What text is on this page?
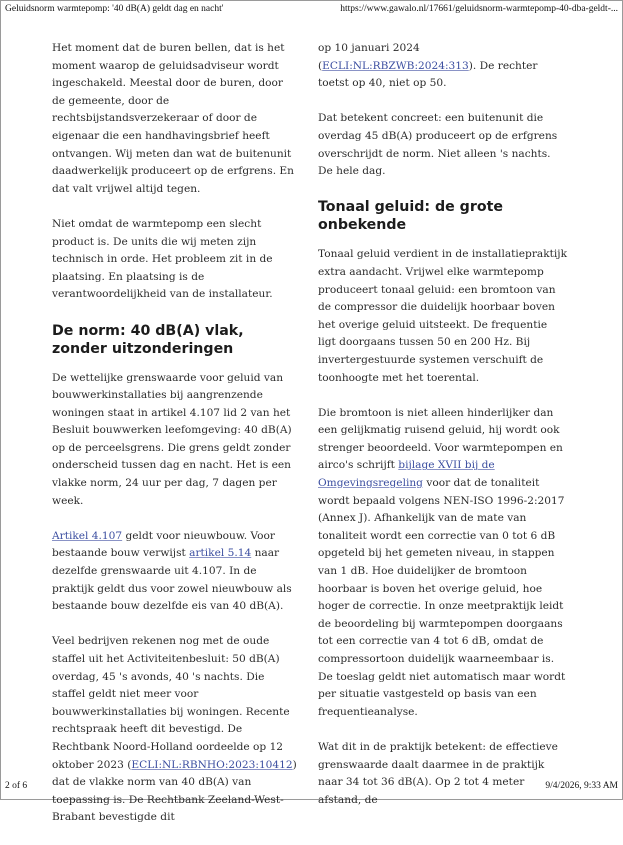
Geluidsnorm warmtepomp: '40 dB(A) geldt dag en nacht'	https://www.gawalo.nl/17661/geluidsnorm-warmtepomp-40-dba-geldt-...

Het moment dat de buren bellen, dat is het moment waarop de geluidsadviseur wordt ingeschakeld. Meestal door de buren, door de gemeente, door de rechtsbijstandsverzekeraar of door de eigenaar die een handhavingsbrief heeft ontvangen. Wij meten dan wat de buitenunit daadwerkelijk produceert op de erfgrens. En dat valt vrijwel altijd tegen.

Niet omdat de warmtepomp een slecht product is. De units die wij meten zijn technisch in orde. Het probleem zit in de plaatsing. En plaatsing is de verantwoordelijkheid van de installateur.

De norm: 40 dB(A) vlak, zonder uitzonderingen

De wettelijke grenswaarde voor geluid van bouwwerkinstallaties bij aangrenzende woningen staat in artikel 4.107 lid 2 van het Besluit bouwwerken leefomgeving: 40 dB(A) op de perceelsgrens. Die grens geldt zonder onderscheid tussen dag en nacht. Het is een vlakke norm, 24 uur per dag, 7 dagen per week.

Artikel 4.107 geldt voor nieuwbouw. Voor bestaande bouw verwijst artikel 5.14 naar dezelfde grenswaarde uit 4.107. In de praktijk geldt dus voor zowel nieuwbouw als bestaande bouw dezelfde eis van 40 dB(A).

Veel bedrijven rekenen nog met de oude staffel uit het Activiteitenbesluit: 50 dB(A) overdag, 45 's avonds, 40 's nachts. Die staffel geldt niet meer voor bouwwerkinstallaties bij woningen. Recente rechtspraak heeft dit bevestigd. De Rechtbank Noord-Holland oordeelde op 12 oktober 2023 (ECLI:NL:RBNHO:2023:10412) dat de vlakke norm van 40 dB(A) van toepassing is. De Rechtbank Zeeland-West-Brabant bevestigde dit

op 10 januari 2024 (ECLI:NL:RBZWB:2024:313). De rechter toetst op 40, niet op 50.

Dat betekent concreet: een buitenunit die overdag 45 dB(A) produceert op de erfgrens overschrijdt de norm. Niet alleen 's nachts. De hele dag.

Tonaal geluid: de grote onbekende

Tonaal geluid verdient in de installatiepraktijk extra aandacht. Vrijwel elke warmtepomp produceert tonaal geluid: een bromtoon van de compressor die duidelijk hoorbaar boven het overige geluid uitsteekt. De frequentie ligt doorgaans tussen 50 en 200 Hz. Bij invertergestuurde systemen verschuift de toonhoogte met het toerental.

Die bromtoon is niet alleen hinderlijker dan een gelijkmatig ruisend geluid, hij wordt ook strenger beoordeeld. Voor warmtepompen en airco's schrijft bijlage XVII bij de Omgevingsregeling voor dat de tonaliteit wordt bepaald volgens NEN-ISO 1996-2:2017 (Annex J). Afhankelijk van de mate van tonaliteit wordt een correctie van 0 tot 6 dB opgeteld bij het gemeten niveau, in stappen van 1 dB. Hoe duidelijker de bromtoon hoorbaar is boven het overige geluid, hoe hoger de correctie. In onze meetpraktijk leidt de beoordeling bij warmtepompen doorgaans tot een correctie van 4 tot 6 dB, omdat de compressortoon duidelijk waarneembaar is. De toeslag geldt niet automatisch maar wordt per situatie vastgesteld op basis van een frequentieanalyse.

Wat dit in de praktijk betekent: de effectieve grenswaarde daalt daarmee in de praktijk naar 34 tot 36 dB(A). Op 2 tot 4 meter afstand, de

2 of 6	9/4/2026, 9:33 AM
